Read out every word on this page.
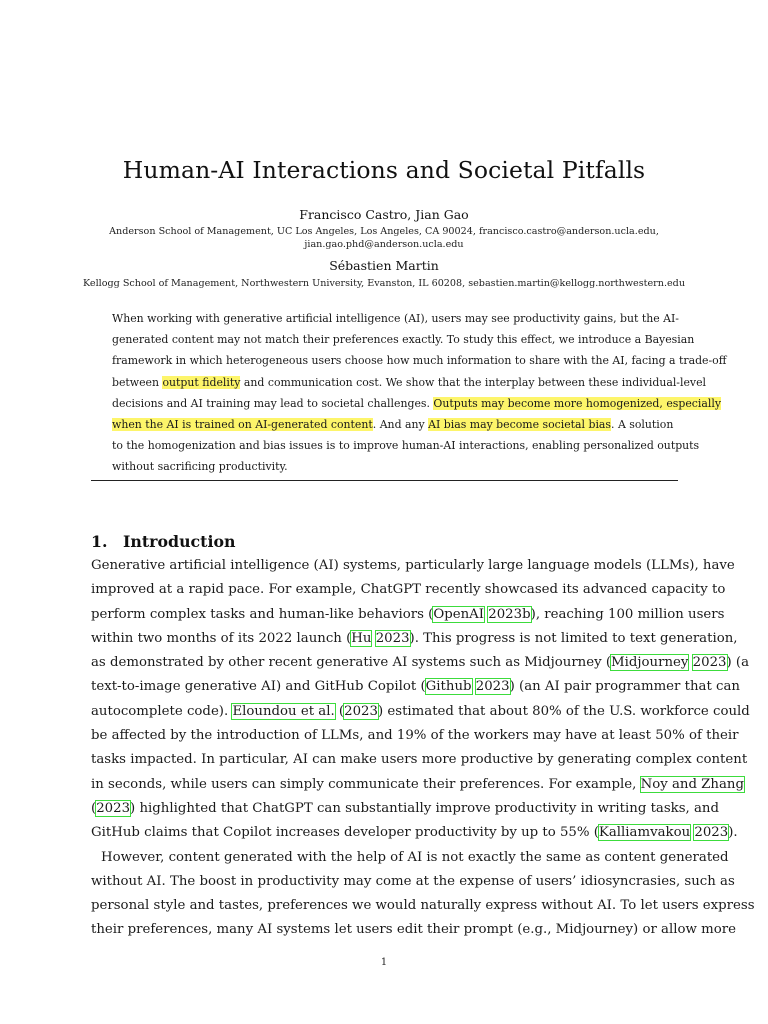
Human-AI Interactions and Societal Pitfalls
Francisco Castro, Jian Gao
Anderson School of Management, UC Los Angeles, Los Angeles, CA 90024, francisco.castro@anderson.ucla.edu,
jian.gao.phd@anderson.ucla.edu
Sébastien Martin
Kellogg School of Management, Northwestern University, Evanston, IL 60208, sebastien.martin@kellogg.northwestern.edu
When working with generative artificial intelligence (AI), users may see productivity gains, but the AI-
generated content may not match their preferences exactly. To study this effect, we introduce a Bayesian
framework in which heterogeneous users choose how much information to share with the AI, facing a trade-off
between output fidelity and communication cost. We show that the interplay between these individual-level
decisions and AI training may lead to societal challenges. Outputs may become more homogenized, especially
when the AI is trained on AI-generated content. And any AI bias may become societal bias. A solution
to the homogenization and bias issues is to improve human-AI interactions, enabling personalized outputs
without sacrificing productivity.
1. Introduction
Generative artificial intelligence (AI) systems, particularly large language models (LLMs), have
improved at a rapid pace. For example, ChatGPT recently showcased its advanced capacity to
perform complex tasks and human-like behaviors (OpenAI 2023b), reaching 100 million users
within two months of its 2022 launch (Hu 2023). This progress is not limited to text generation,
as demonstrated by other recent generative AI systems such as Midjourney (Midjourney 2023) (a
text-to-image generative AI) and GitHub Copilot (Github 2023) (an AI pair programmer that can
autocomplete code). Eloundou et al. (2023) estimated that about 80% of the U.S. workforce could
be affected by the introduction of LLMs, and 19% of the workers may have at least 50% of their
tasks impacted. In particular, AI can make users more productive by generating complex content
in seconds, while users can simply communicate their preferences. For example, Noy and Zhang
(2023) highlighted that ChatGPT can substantially improve productivity in writing tasks, and
GitHub claims that Copilot increases developer productivity by up to 55% (Kalliamvakou 2023).
However, content generated with the help of AI is not exactly the same as content generated
without AI. The boost in productivity may come at the expense of users’ idiosyncrasies, such as
personal style and tastes, preferences we would naturally express without AI. To let users express
their preferences, many AI systems let users edit their prompt (e.g., Midjourney) or allow more
1
